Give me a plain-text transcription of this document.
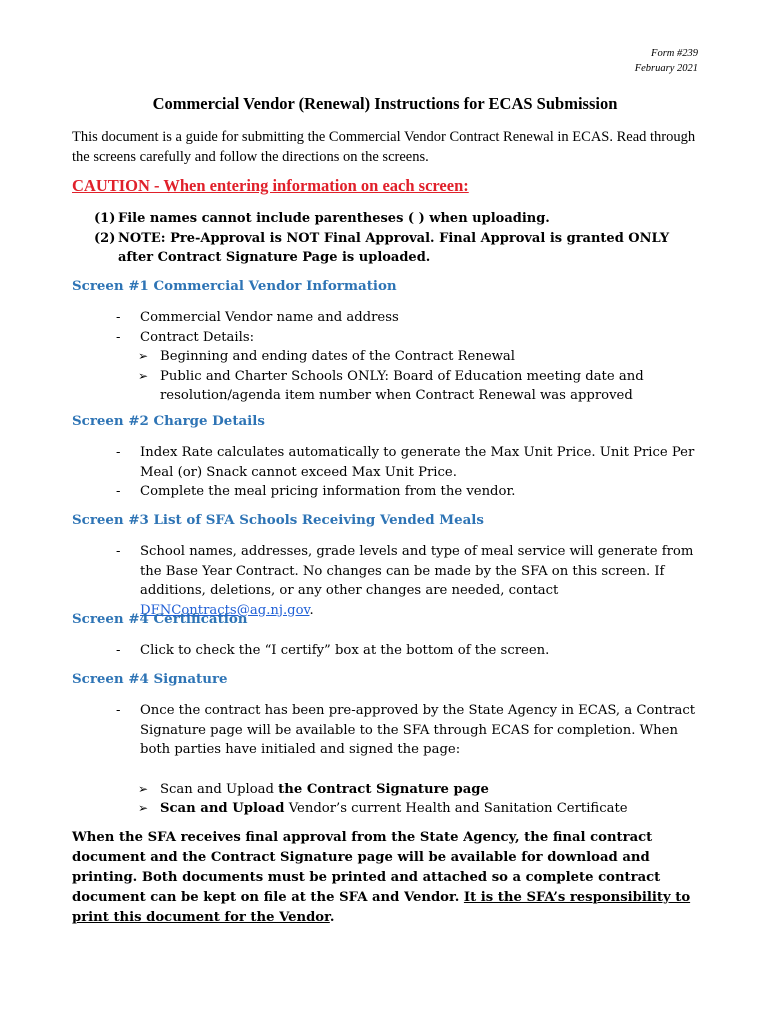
Form #239
February 2021
Commercial Vendor (Renewal) Instructions for ECAS Submission
This document is a guide for submitting the Commercial Vendor Contract Renewal in ECAS. Read through the screens carefully and follow the directions on the screens.
CAUTION - When entering information on each screen:
(1) File names cannot include parentheses ( ) when uploading.
(2) NOTE: Pre-Approval is NOT Final Approval. Final Approval is granted ONLY after Contract Signature Page is uploaded.
Screen #1 Commercial Vendor Information
-	Commercial Vendor name and address
-	Contract Details:
➢ Beginning and ending dates of the Contract Renewal
➢ Public and Charter Schools ONLY: Board of Education meeting date and resolution/agenda item number when Contract Renewal was approved
Screen #2 Charge Details
-	Index Rate calculates automatically to generate the Max Unit Price. Unit Price Per Meal (or) Snack cannot exceed Max Unit Price.
-	Complete the meal pricing information from the vendor.
Screen #3 List of SFA Schools Receiving Vended Meals
-	School names, addresses, grade levels and type of meal service will generate from the Base Year Contract. No changes can be made by the SFA on this screen. If additions, deletions, or any other changes are needed, contact DFNContracts@ag.nj.gov.
Screen #4 Certification
-	Click to check the “I certify” box at the bottom of the screen.
Screen #4 Signature
-	Once the contract has been pre-approved by the State Agency in ECAS, a Contract Signature page will be available to the SFA through ECAS for completion. When both parties have initialed and signed the page:
➢ Scan and Upload the Contract Signature page
➢ Scan and Upload Vendor’s current Health and Sanitation Certificate
When the SFA receives final approval from the State Agency, the final contract document and the Contract Signature page will be available for download and printing. Both documents must be printed and attached so a complete contract document can be kept on file at the SFA and Vendor. It is the SFA’s responsibility to print this document for the Vendor.
